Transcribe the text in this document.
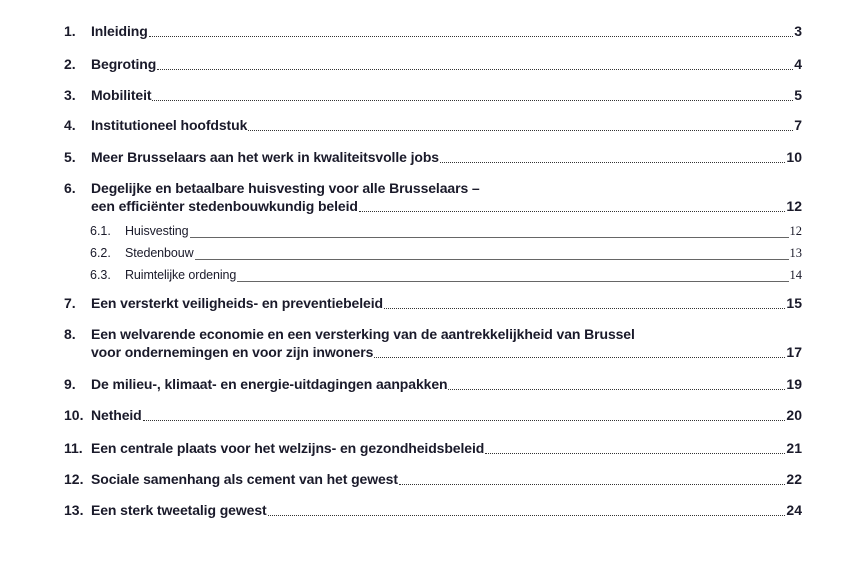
1.	Inleiding	3
2.	Begroting	4
3.	Mobiliteit	5
4.	Institutioneel hoofdstuk	7
5.	Meer Brusselaars aan het werk in kwaliteitsvolle jobs	10
6.	Degelijke en betaalbare huisvesting voor alle Brusselaars –
een efficiënter stedenbouwkundig beleid	12
6.1.	Huisvesting	12
6.2.	Stedenbouw	13
6.3.	Ruimtelijke ordening	14
7.	Een versterkt veiligheids- en preventiebeleid	15
8.	Een welvarende economie en een versterking van de aantrekkelijkheid van Brussel
voor ondernemingen en voor zijn inwoners	17
9.	De milieu-, klimaat- en energie-uitdagingen aanpakken	19
10. Netheid	20
11. Een centrale plaats voor het welzijns- en gezondheidsbeleid	21
12. Sociale samenhang als cement van het gewest	22
13. Een sterk tweetalig gewest	24
